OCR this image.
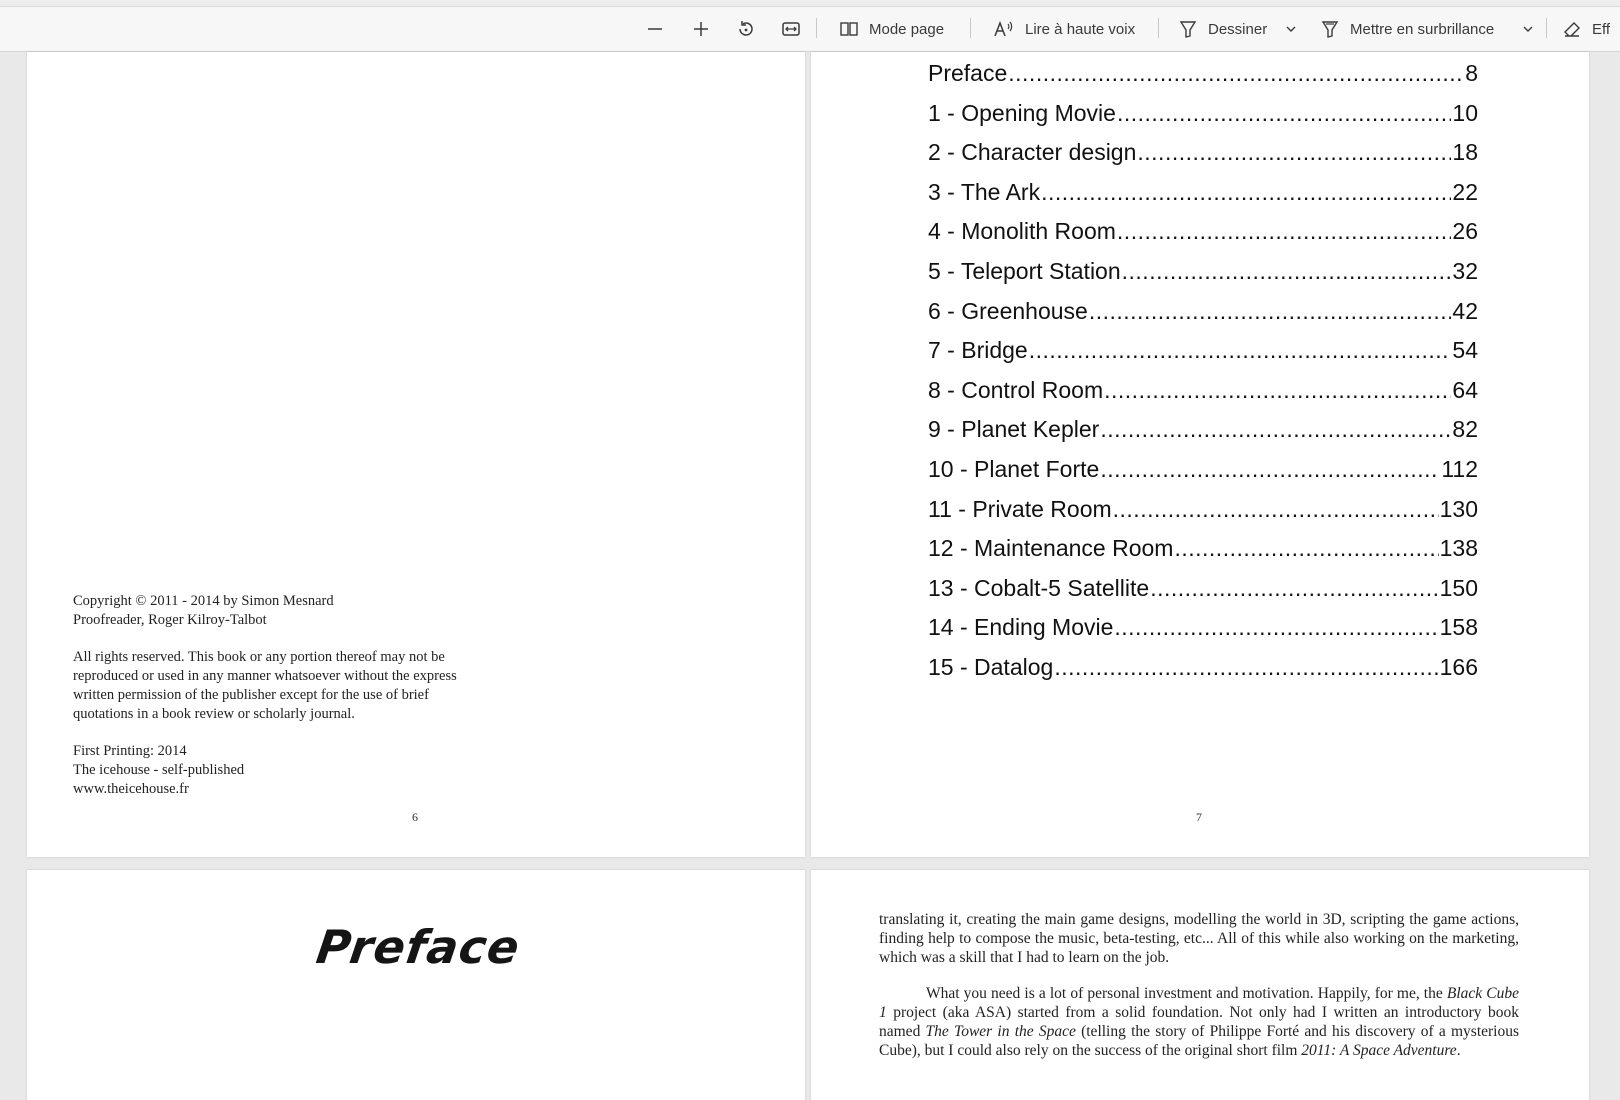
Mode page	Lire à haute voix	Dessiner	Mettre en surbrillance	Eff
Copyright © 2011 - 2014 by Simon Mesnard
Proofreader, Roger Kilroy-Talbot

All rights reserved. This book or any portion thereof may not be reproduced or used in any manner whatsoever without the express written permission of the publisher except for the use of brief quotations in a book review or scholarly journal.

First Printing: 2014
The icehouse - self-published
www.theicehouse.fr
6
Preface .....	8
1 - Opening Movie .....	10
2 - Character design .....	18
3 - The Ark .....	22
4 - Monolith Room .....	26
5 - Teleport Station .....	32
6 - Greenhouse .....	42
7 - Bridge .....	54
8 - Control Room .....	64
9 - Planet Kepler .....	82
10 - Planet Forte .....	112
11 - Private Room .....	130
12 - Maintenance Room .....	138
13 - Cobalt-5 Satellite .....	150
14 - Ending Movie .....	158
15 - Datalog .....	166
7
Preface

translating it, creating the main game designs, modelling the world in 3D, scripting the game actions, finding help to compose the music, beta-testing, etc... All of this while also working on the marketing, which was a skill that I had to learn on the job.

What you need is a lot of personal investment and motivation. Happily, for me, the Black Cube 1 project (aka ASA) started from a solid foundation. Not only had I written an introductory book named The Tower in the Space (telling the story of Philippe Forté and his discovery of a mysterious Cube), but I could also rely on the success of the original short film 2011: A Space Adventure.
